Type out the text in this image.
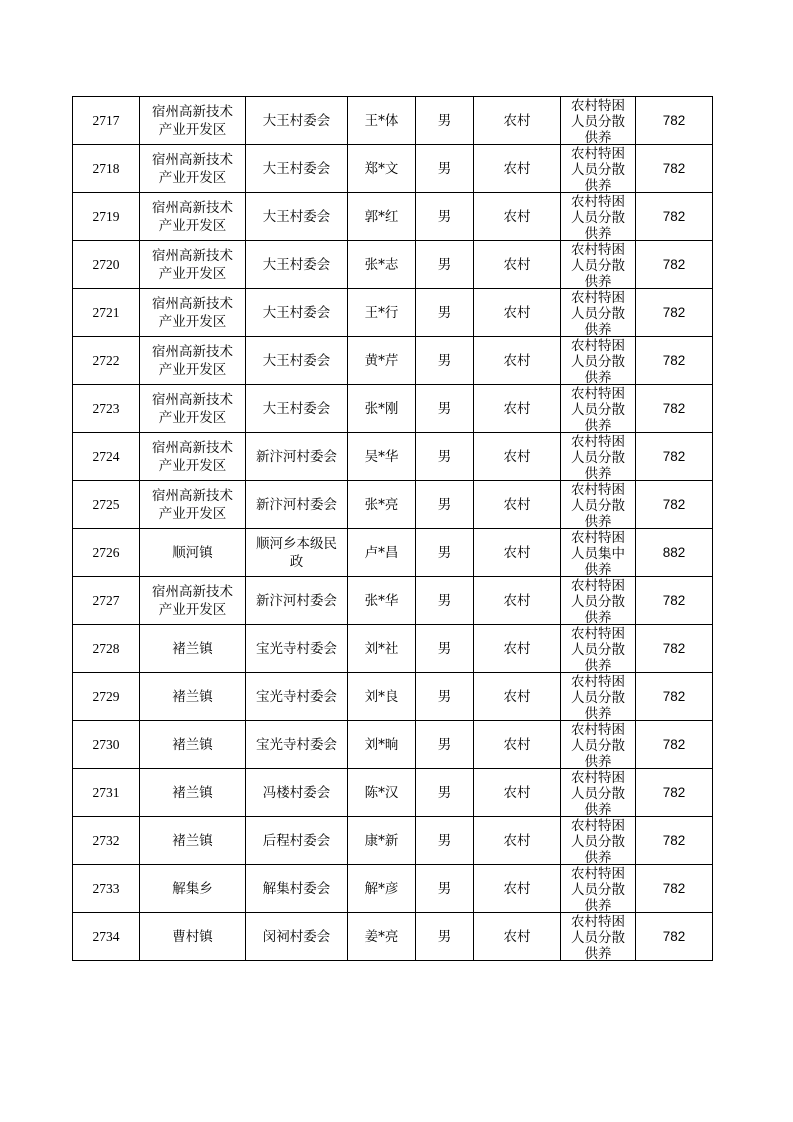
2717	宿州高新技术产业开发区	大王村委会	王*体	男	农村	农村特困人员分散供养	782
2718	宿州高新技术产业开发区	大王村委会	郑*文	男	农村	农村特困人员分散供养	782
2719	宿州高新技术产业开发区	大王村委会	郭*红	男	农村	农村特困人员分散供养	782
2720	宿州高新技术产业开发区	大王村委会	张*志	男	农村	农村特困人员分散供养	782
2721	宿州高新技术产业开发区	大王村委会	王*行	男	农村	农村特困人员分散供养	782
2722	宿州高新技术产业开发区	大王村委会	黄*芹	男	农村	农村特困人员分散供养	782
2723	宿州高新技术产业开发区	大王村委会	张*刚	男	农村	农村特困人员分散供养	782
2724	宿州高新技术产业开发区	新汴河村委会	吴*华	男	农村	农村特困人员分散供养	782
2725	宿州高新技术产业开发区	新汴河村委会	张*亮	男	农村	农村特困人员分散供养	782
2726	顺河镇	顺河乡本级民政	卢*昌	男	农村	农村特困人员集中供养	882
2727	宿州高新技术产业开发区	新汴河村委会	张*华	男	农村	农村特困人员分散供养	782
2728	褚兰镇	宝光寺村委会	刘*社	男	农村	农村特困人员分散供养	782
2729	褚兰镇	宝光寺村委会	刘*良	男	农村	农村特困人员分散供养	782
2730	褚兰镇	宝光寺村委会	刘*晌	男	农村	农村特困人员分散供养	782
2731	褚兰镇	冯楼村委会	陈*汉	男	农村	农村特困人员分散供养	782
2732	褚兰镇	后程村委会	康*新	男	农村	农村特困人员分散供养	782
2733	解集乡	解集村委会	解*彦	男	农村	农村特困人员分散供养	782
2734	曹村镇	闵祠村委会	姜*亮	男	农村	农村特困人员分散供养	782
